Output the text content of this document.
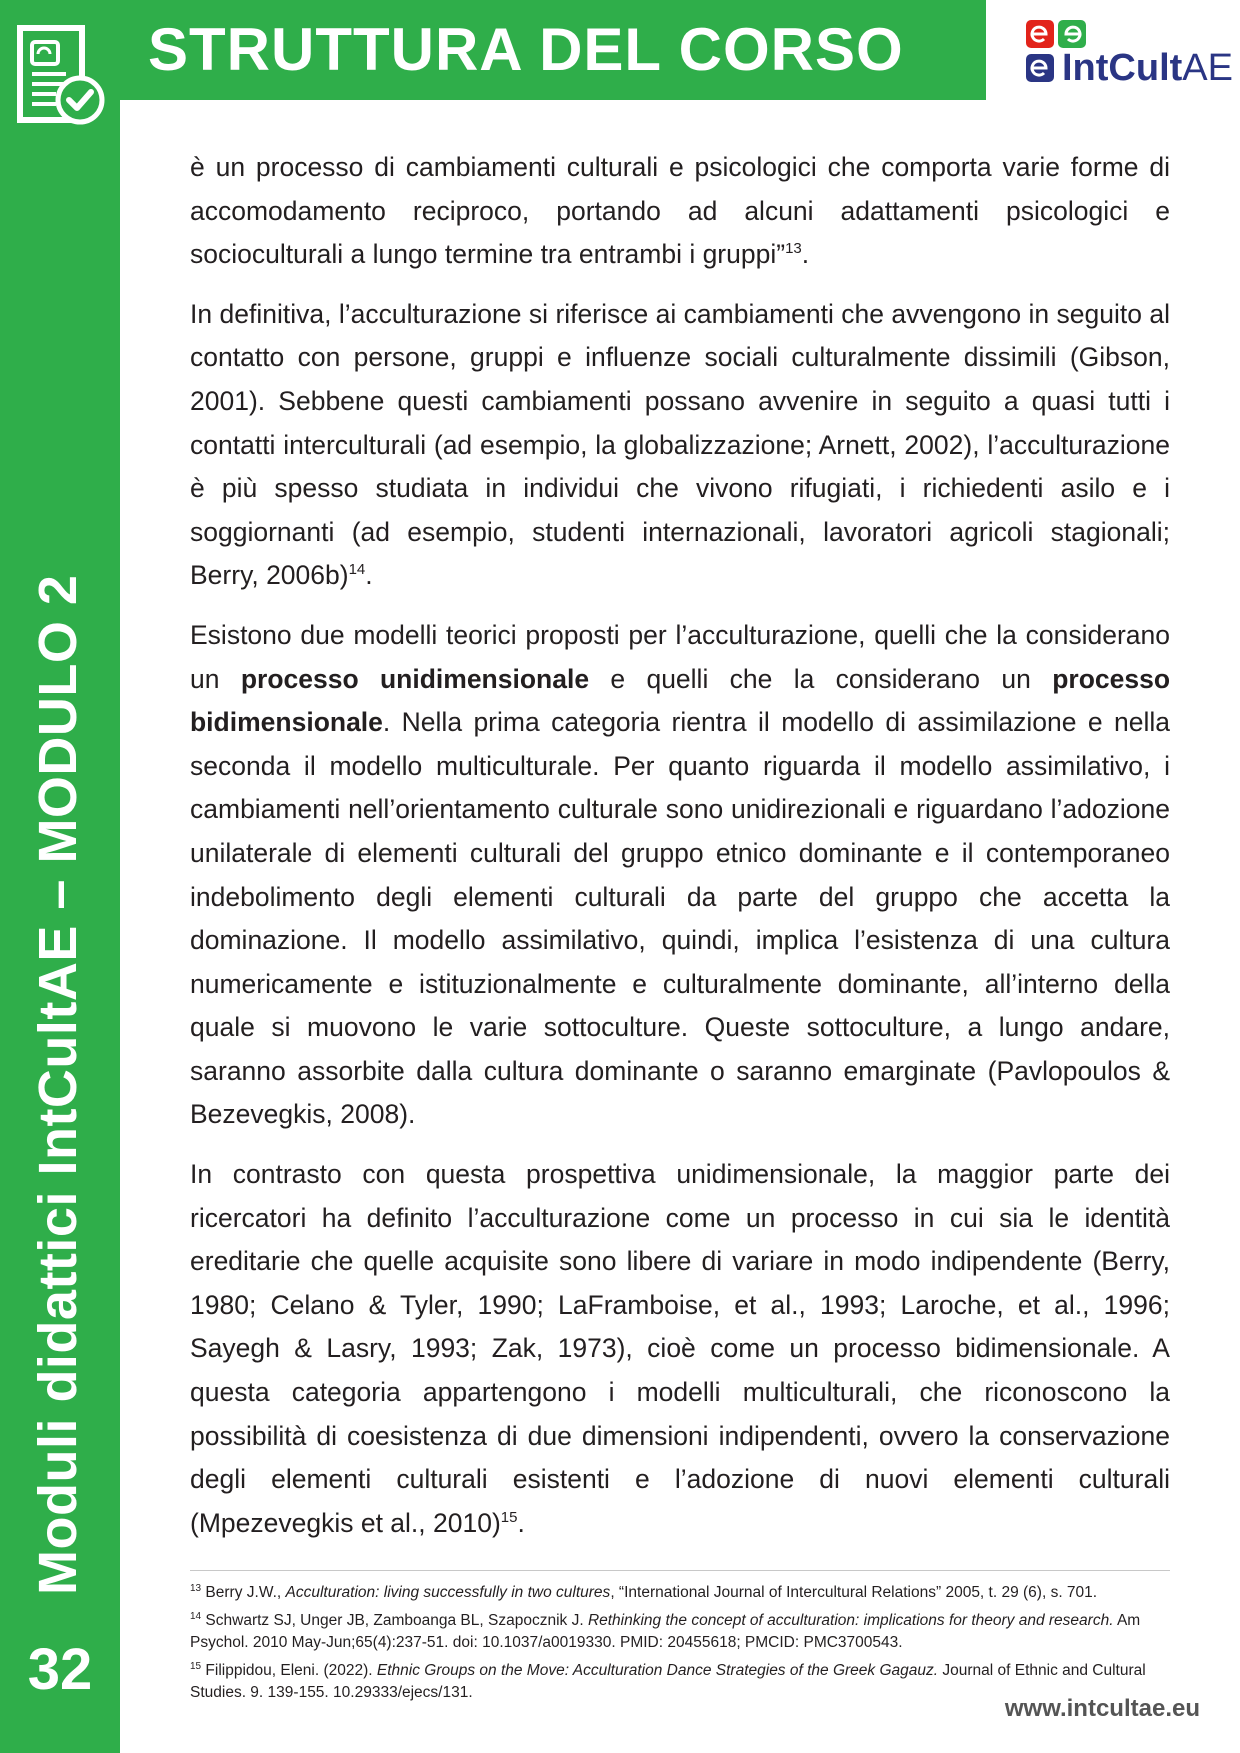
Moduli didattici IntCultAE – MODULO 2
32
STRUTTURA DEL CORSO	IntCultAE

è un processo di cambiamenti culturali e psicologici che comporta varie forme di accomodamento reciproco, portando ad alcuni adattamenti psicologici e socioculturali a lungo termine tra entrambi i gruppi”$^{13}$.

In definitiva, l’acculturazione si riferisce ai cambiamenti che avvengono in seguito al contatto con persone, gruppi e influenze sociali culturalmente dissimili (Gibson, 2001). Sebbene questi cambiamenti possano avvenire in seguito a quasi tutti i contatti interculturali (ad esempio, la globalizzazione; Arnett, 2002), l’acculturazione è più spesso studiata in individui che vivono rifugiati, i richiedenti asilo e i soggiornanti (ad esempio, studenti internazionali, lavoratori agricoli stagionali; Berry, 2006b)$^{14}$.

Esistono due modelli teorici proposti per l’acculturazione, quelli che la considerano un processo unidimensionale e quelli che la considerano un processo bidimensionale. Nella prima categoria rientra il modello di assimilazione e nella seconda il modello multiculturale. Per quanto riguarda il modello assimilativo, i cambiamenti nell’orientamento culturale sono unidirezionali e riguardano l’adozione unilaterale di elementi culturali del gruppo etnico dominante e il contemporaneo indebolimento degli elementi culturali da parte del gruppo che accetta la dominazione. Il modello assimilativo, quindi, implica l’esistenza di una cultura numericamente e istituzionalmente e culturalmente dominante, all’interno della quale si muovono le varie sottoculture. Queste sottoculture, a lungo andare, saranno assorbite dalla cultura dominante o saranno emarginate (Pavlopoulos & Bezevegkis, 2008).

In contrasto con questa prospettiva unidimensionale, la maggior parte dei ricercatori ha definito l’acculturazione come un processo in cui sia le identità ereditarie che quelle acquisite sono libere di variare in modo indipendente (Berry, 1980; Celano & Tyler, 1990; LaFramboise, et al., 1993; Laroche, et al., 1996; Sayegh & Lasry, 1993; Zak, 1973), cioè come un processo bidimensionale. A questa categoria appartengono i modelli multiculturali, che riconoscono la possibilità di coesistenza di due dimensioni indipendenti, ovvero la conservazione degli elementi culturali esistenti e l’adozione di nuovi elementi culturali (Mpezevegkis et al., 2010)$^{15}$.

$^{13}$ Berry J.W., Acculturation: living successfully in two cultures, “International Journal of Intercultural Relations” 2005, t. 29 (6), s. 701.
$^{14}$ Schwartz SJ, Unger JB, Zamboanga BL, Szapocznik J. Rethinking the concept of acculturation: implications for theory and research. Am Psychol. 2010 May-Jun;65(4):237-51. doi: 10.1037/a0019330. PMID: 20455618; PMCID: PMC3700543.
$^{15}$ Filippidou, Eleni. (2022). Ethnic Groups on the Move: Acculturation Dance Strategies of the Greek Gagauz. Journal of Ethnic and Cultural Studies. 9. 139-155. 10.29333/ejecs/131.
www.intcultae.eu
